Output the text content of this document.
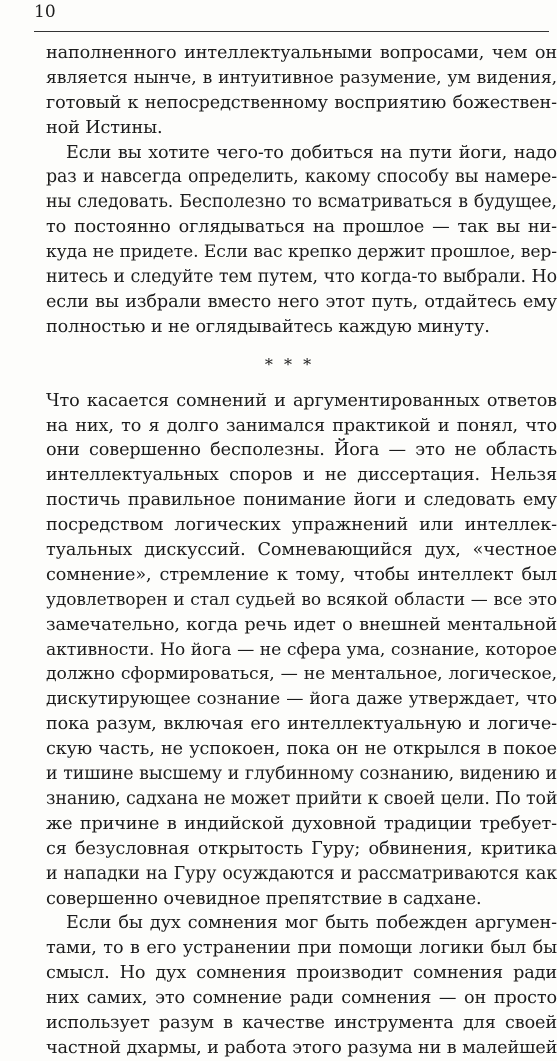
10
наполненного интеллектуальными вопросами, чем он
является нынче, в интуитивное разумение, ум видения,
готовый к непосредственному восприятию божествен-
ной Истины.
Если вы хотите чего-то добиться на пути йоги, надо
раз и навсегда определить, какому способу вы намере-
ны следовать. Бесполезно то всматриваться в будущее,
то постоянно оглядываться на прошлое — так вы ни-
куда не придете. Если вас крепко держит прошлое, вер-
нитесь и следуйте тем путем, что когда-то выбрали. Но
если вы избрали вместо него этот путь, отдайтесь ему
полностью и не оглядывайтесь каждую минуту.
* * *
Что касается сомнений и аргументированных ответов
на них, то я долго занимался практикой и понял, что
они совершенно бесполезны. Йога — это не область
интеллектуальных споров и не диссертация. Нельзя
постичь правильное понимание йоги и следовать ему
посредством логических упражнений или интеллек-
туальных дискуссий. Сомневающийся дух, «честное
сомнение», стремление к тому, чтобы интеллект был
удовлетворен и стал судьей во всякой области — все это
замечательно, когда речь идет о внешней ментальной
активности. Но йога — не сфера ума, сознание, которое
должно сформироваться, — не ментальное, логическое,
дискутирующее сознание — йога даже утверждает, что
пока разум, включая его интеллектуальную и логиче-
скую часть, не успокоен, пока он не открылся в покое
и тишине высшему и глубинному сознанию, видению и
знанию, садхана не может прийти к своей цели. По той
же причине в индийской духовной традиции требует-
ся безусловная открытость Гуру; обвинения, критика
и нападки на Гуру осуждаются и рассматриваются как
совершенно очевидное препятствие в садхане.
Если бы дух сомнения мог быть побежден аргумен-
тами, то в его устранении при помощи логики был бы
смысл. Но дух сомнения производит сомнения ради
них самих, это сомнение ради сомнения — он просто
использует разум в качестве инструмента для своей
частной дхармы, и работа этого разума ни в малейшей
